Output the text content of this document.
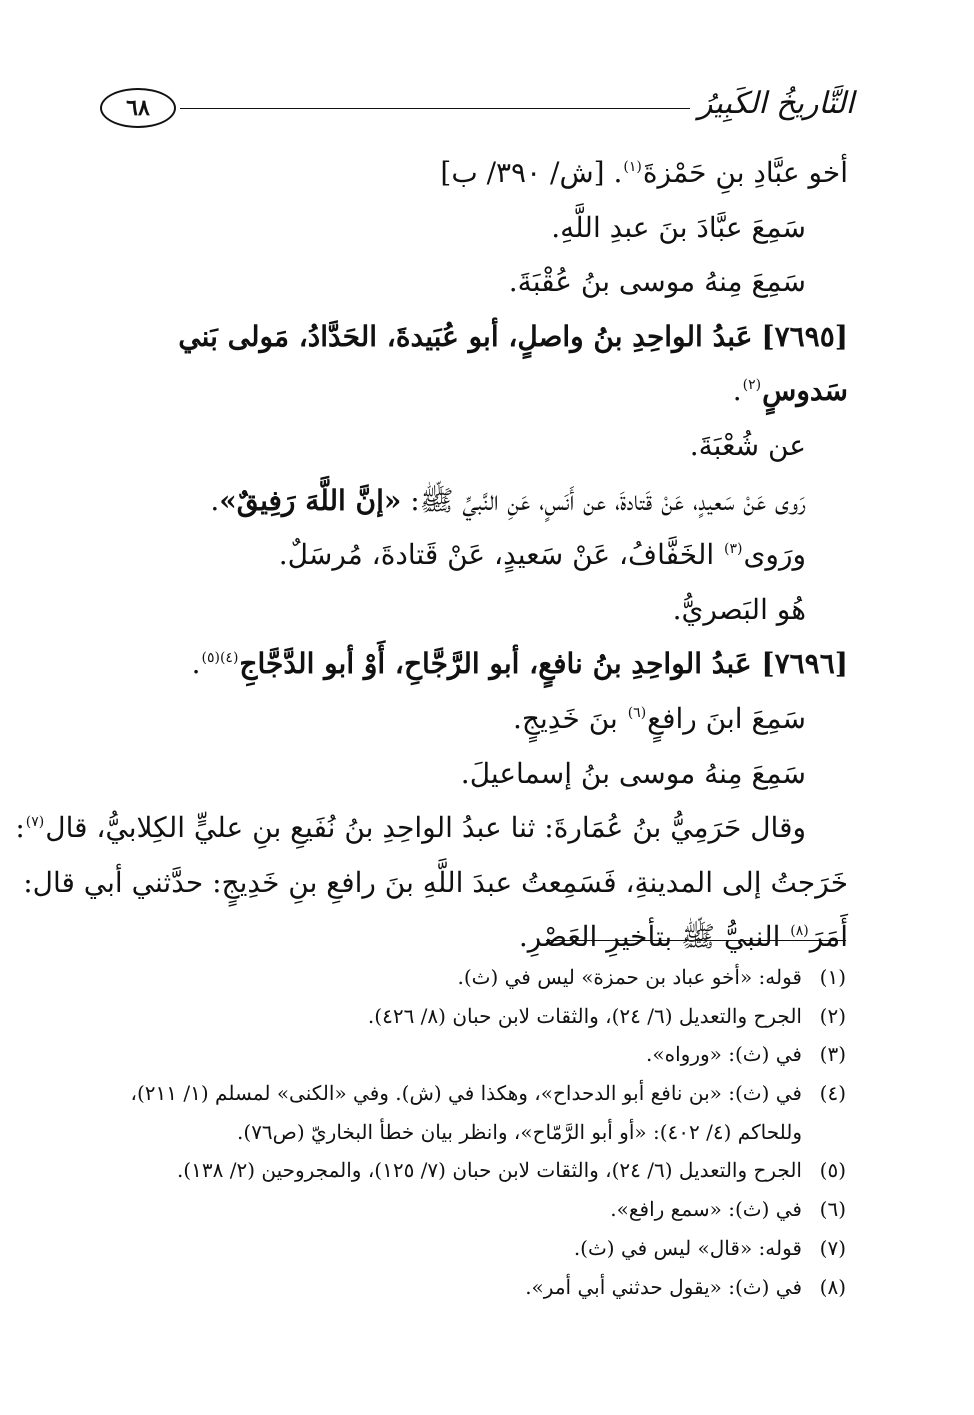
٦٨	التَّاريخُ الكَبِيرُ
أخو عبَّادِ بنِ حَمْزةَ$^{(١)}$. [ش/ ٣٩٠/ ب]
سَمِعَ عبَّادَ بنَ عبدِ اللَّهِ.
سَمِعَ مِنهُ موسى بنُ عُقْبَةَ.
[٧٦٩٥] عَبدُ الواحِدِ بنُ واصلٍ، أبو عُبَيدةَ، الحَدَّادُ، مَولى بَني
سَدوسٍ$^{(٢)}$.
عن شُعْبَةَ.
رَوى عَنْ سَعيدٍ، عَنْ قَتادةَ، عن أَنَسٍ، عَنِ النَّبيِّ ﷺ: «إنَّ اللَّهَ رَفِيقٌ».
ورَوى$^{(٣)}$ الخَفَّافُ، عَنْ سَعيدٍ، عَنْ قَتادةَ، مُرسَلٌ.
هُو البَصريُّ.
[٧٦٩٦] عَبدُ الواحِدِ بنُ نافعٍ، أبو الرَّجَّاحِ، أَوْ أبو الدَّجَّاجِ$^{(٤)(٥)}$.
سَمِعَ ابنَ رافعٍ$^{(٦)}$ بنَ خَدِيجٍ.
سَمِعَ مِنهُ موسى بنُ إسماعيلَ.
وقال حَرَمِيُّ بنُ عُمَارةَ: ثنا عبدُ الواحِدِ بنُ نُفَيعِ بنِ عليٍّ الكِلابيُّ، قال$^{(٧)}$:
خَرَجتُ إلى المدينةِ، فَسَمِعتُ عبدَ اللَّهِ بنَ رافعِ بنِ خَدِيجٍ: حدَّثني أبي قال:
أَمَرَ$^{(٨)}$ النبيُّ ﷺ بتأخيرِ العَصْرِ.
(١)قوله: «أخو عباد بن حمزة» ليس في (ث).
(٢)الجرح والتعديل (٦/ ٢٤)، والثقات لابن حبان (٨/ ٤٢٦).
(٣)في (ث): «ورواه».
(٤)في (ث): «بن نافع أبو الدحداح»، وهكذا في (ش). وفي «الكنى» لمسلم (١/ ٢١١)،
وللحاكم (٤/ ٤٠٢): «أو أبو الرَّمّاح»، وانظر بيان خطأ البخاريّ (ص٧٦).
(٥)الجرح والتعديل (٦/ ٢٤)، والثقات لابن حبان (٧/ ١٢٥)، والمجروحين (٢/ ١٣٨).
(٦)في (ث): «سمع رافع».
(٧)قوله: «قال» ليس في (ث).
(٨)في (ث): «يقول حدثني أبي أمر».
